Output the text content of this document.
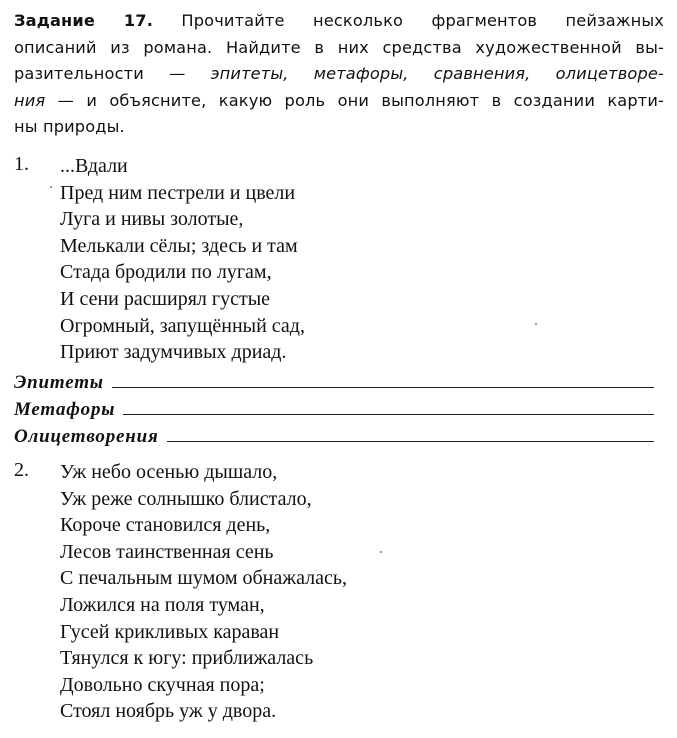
Задание 17. Прочитайте несколько фрагментов пейзажных
описаний из романа. Найдите в них средства художественной вы-
разительности — эпитеты, метафоры, сравнения, олицетворе-
ния — и объясните, какую роль они выполняют в создании карти-
ны природы.
1. ...Вдали
Пред ним пестрели и цвели
Луга и нивы золотые,
Мелькали сёлы; здесь и там
Стада бродили по лугам,
И сени расширял густые
Огромный, запущённый сад,
Приют задумчивых дриад.
Эпитеты
Метафоры
Олицетворения
2. Уж небо осенью дышало,
Уж реже солнышко блистало,
Короче становился день,
Лесов таинственная сень
С печальным шумом обнажалась,
Ложился на поля туман,
Гусей крикливых караван
Тянулся к югу: приближалась
Довольно скучная пора;
Стоял ноябрь уж у двора.
